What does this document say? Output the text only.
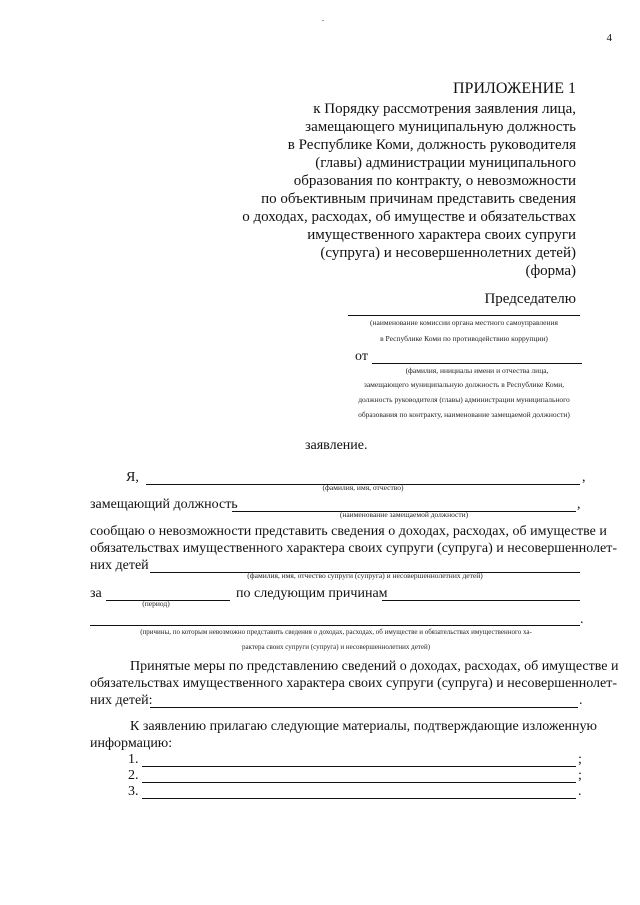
4
ПРИЛОЖЕНИЕ 1
к Порядку рассмотрения заявления лица,
замещающего муниципальную должность
в Республике Коми, должность руководителя
(главы) администрации муниципального
образования по контракту, о невозможности
по объективным причинам представить сведения
о доходах, расходах, об имуществе и обязательствах
имущественного характера своих супруги
(супруга) и несовершеннолетних детей)
(форма)
Председателю
(наименование комиссии органа местного самоуправления
в Республике Коми по противодействию коррупции)
от
(фамилия, инициалы имени и отчества лица,
замещающего муниципальную должность в Республике Коми,
должность руководителя (главы) администрации муниципального
образования по контракту, наименование замещаемой должности)
заявление.
Я,	,
(фамилия, имя, отчество)
замещающий должность	,
(наименование замещаемой должности)
сообщаю о невозможности представить сведения о доходах, расходах, об имуществе и
обязательствах имущественного характера своих супруги (супруга) и несовершеннолет-
них детей
(фамилия, имя, отчество супруги (супруга) и несовершеннолетних детей)
за
(период)
по следующим причинам
.
(причины, по которым невозможно представить сведения о доходах, расходах, об имуществе и обязательствах имущественного ха-
рактера своих супруги (супруга) и несовершеннолетних детей)
Принятые меры по представлению сведений о доходах, расходах, об имуществе и
обязательствах имущественного характера своих супруги (супруга) и несовершеннолет-
них детей:	.
К заявлению прилагаю следующие материалы, подтверждающие изложенную
информацию:
1.	;
2.	;
3.	.
